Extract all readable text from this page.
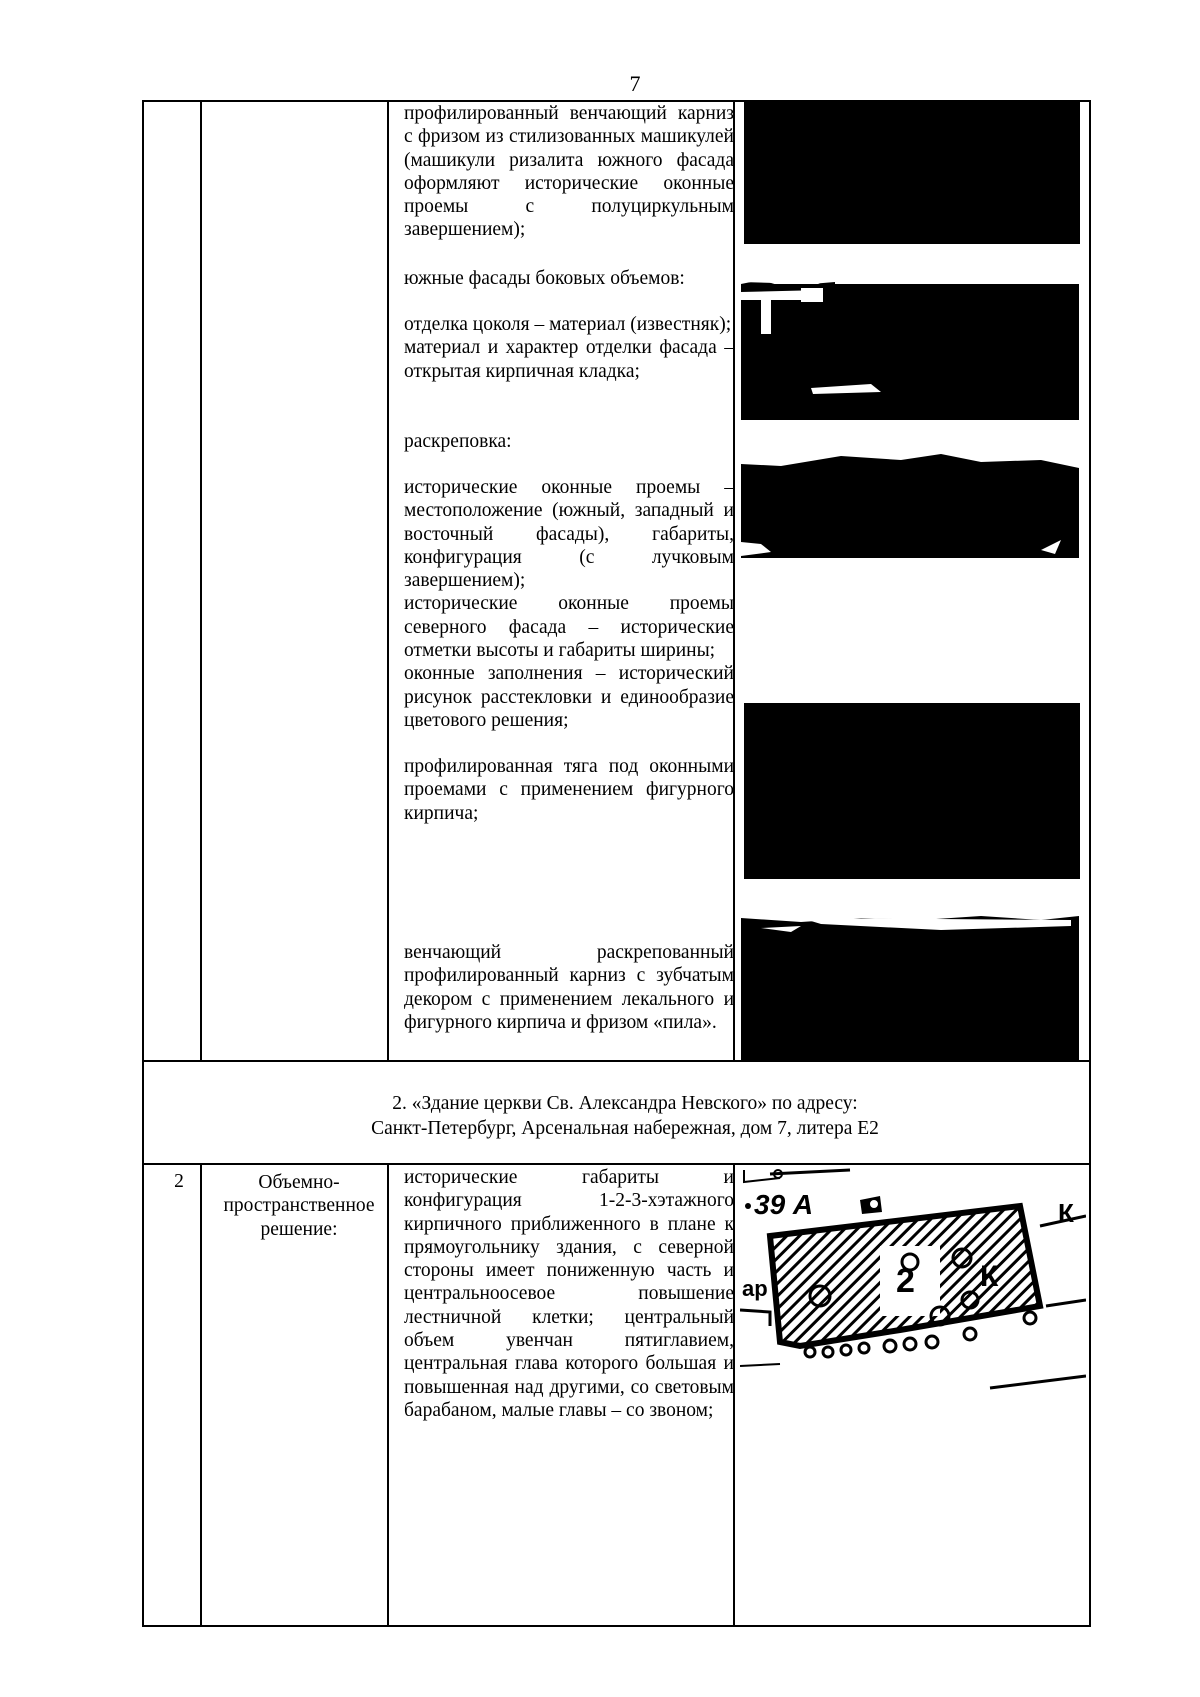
7

профилированный венчающий карниз с фризом из стилизованных машикулей (машикули ризалита южного фасада оформляют исторические оконные проемы с полуциркульным завершением);

южные фасады боковых объемов:

отделка цоколя – материал (известняк);

материал и характер отделки фасада – открытая кирпичная кладка;

раскреповка:

исторические оконные проемы – местоположение (южный, западный и восточный фасады), габариты, конфигурация (с лучковым завершением);

исторические оконные проемы северного фасада – исторические отметки высоты и габариты ширины;

оконные заполнения – исторический рисунок расстекловки и единообразие цветового решения;

профилированная тяга под оконными проемами с применением фигурного кирпича;

венчающий раскрепованный профилированный карниз с зубчатым декором с применением лекального и фигурного кирпича и фризом «пила».

2. «Здание церкви Св. Александра Невского» по адресу:
Санкт-Петербург, Арсенальная набережная, дом 7, литера Е2
2	Объемно-пространственное решение:

исторические габариты и конфигурация 1-2-3-хэтажного кирпичного приближенного в плане к прямоугольнику здания, с северной стороны имеет пониженную часть и центральноосевое повышение лестничной клетки; центральный объем увенчан пятиглавием, центральная глава которого большая и повышенная над другими, со световым барабаном, малые главы – со звоном;

39 А
2 К
К
ар
